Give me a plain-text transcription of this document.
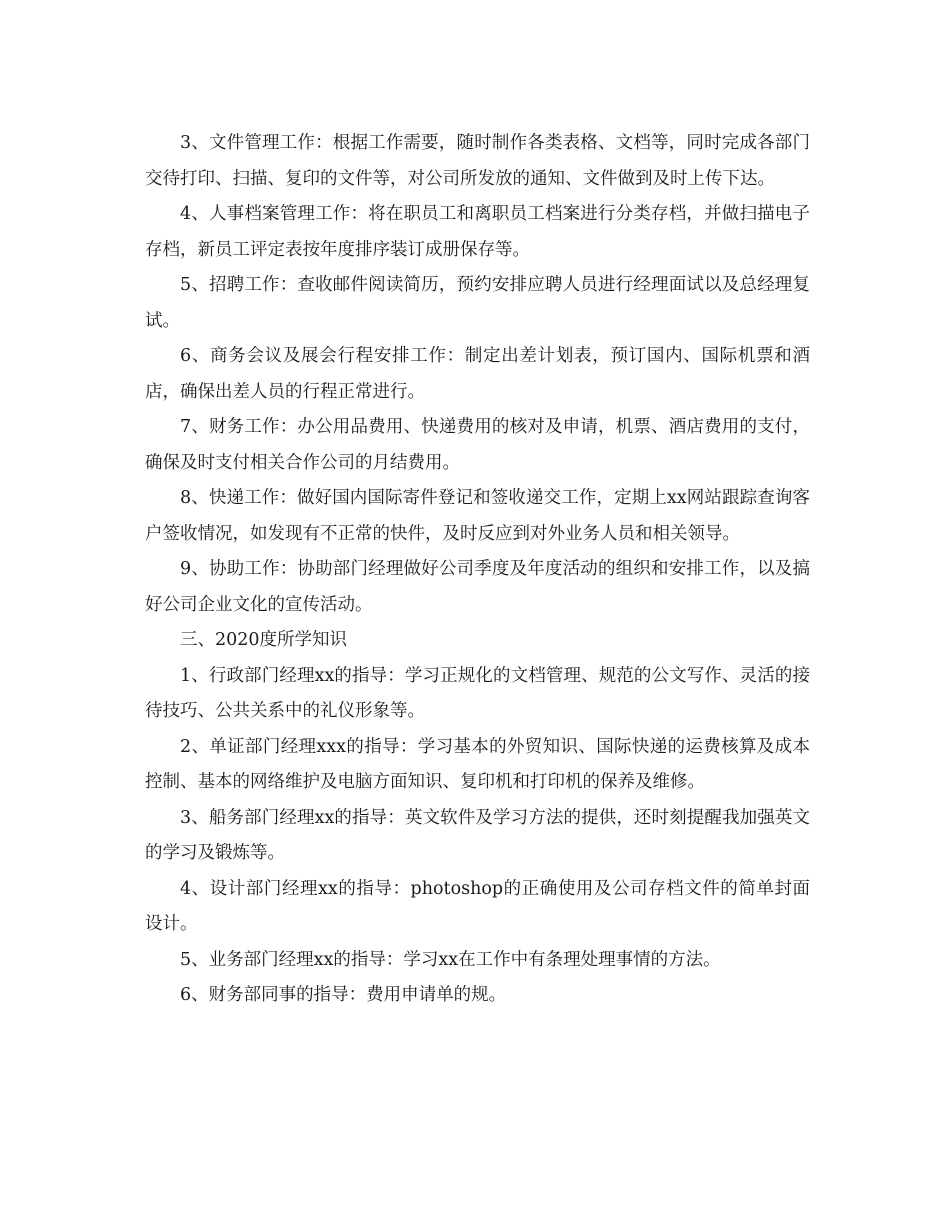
3、文件管理工作：根据工作需要，随时制作各类表格、文档等，同时完成各部门交待打印、扫描、复印的文件等，对公司所发放的通知、文件做到及时上传下达。

4、人事档案管理工作：将在职员工和离职员工档案进行分类存档，并做扫描电子存档，新员工评定表按年度排序装订成册保存等。

5、招聘工作：查收邮件阅读简历，预约安排应聘人员进行经理面试以及总经理复试。

6、商务会议及展会行程安排工作：制定出差计划表，预订国内、国际机票和酒店，确保出差人员的行程正常进行。

7、财务工作：办公用品费用、快递费用的核对及申请，机票、酒店费用的支付，确保及时支付相关合作公司的月结费用。

8、快递工作：做好国内国际寄件登记和签收递交工作，定期上xx网站跟踪查询客户签收情况，如发现有不正常的快件，及时反应到对外业务人员和相关领导。

9、协助工作：协助部门经理做好公司季度及年度活动的组织和安排工作，以及搞好公司企业文化的宣传活动。

三、2020度所学知识

1、行政部门经理xx的指导：学习正规化的文档管理、规范的公文写作、灵活的接待技巧、公共关系中的礼仪形象等。

2、单证部门经理xxx的指导：学习基本的外贸知识、国际快递的运费核算及成本控制、基本的网络维护及电脑方面知识、复印机和打印机的保养及维修。

3、船务部门经理xx的指导：英文软件及学习方法的提供，还时刻提醒我加强英文的学习及锻炼等。

4、设计部门经理xx的指导：photoshop的正确使用及公司存档文件的简单封面设计。

5、业务部门经理xx的指导：学习xx在工作中有条理处理事情的方法。

6、财务部同事的指导：费用申请单的规。
